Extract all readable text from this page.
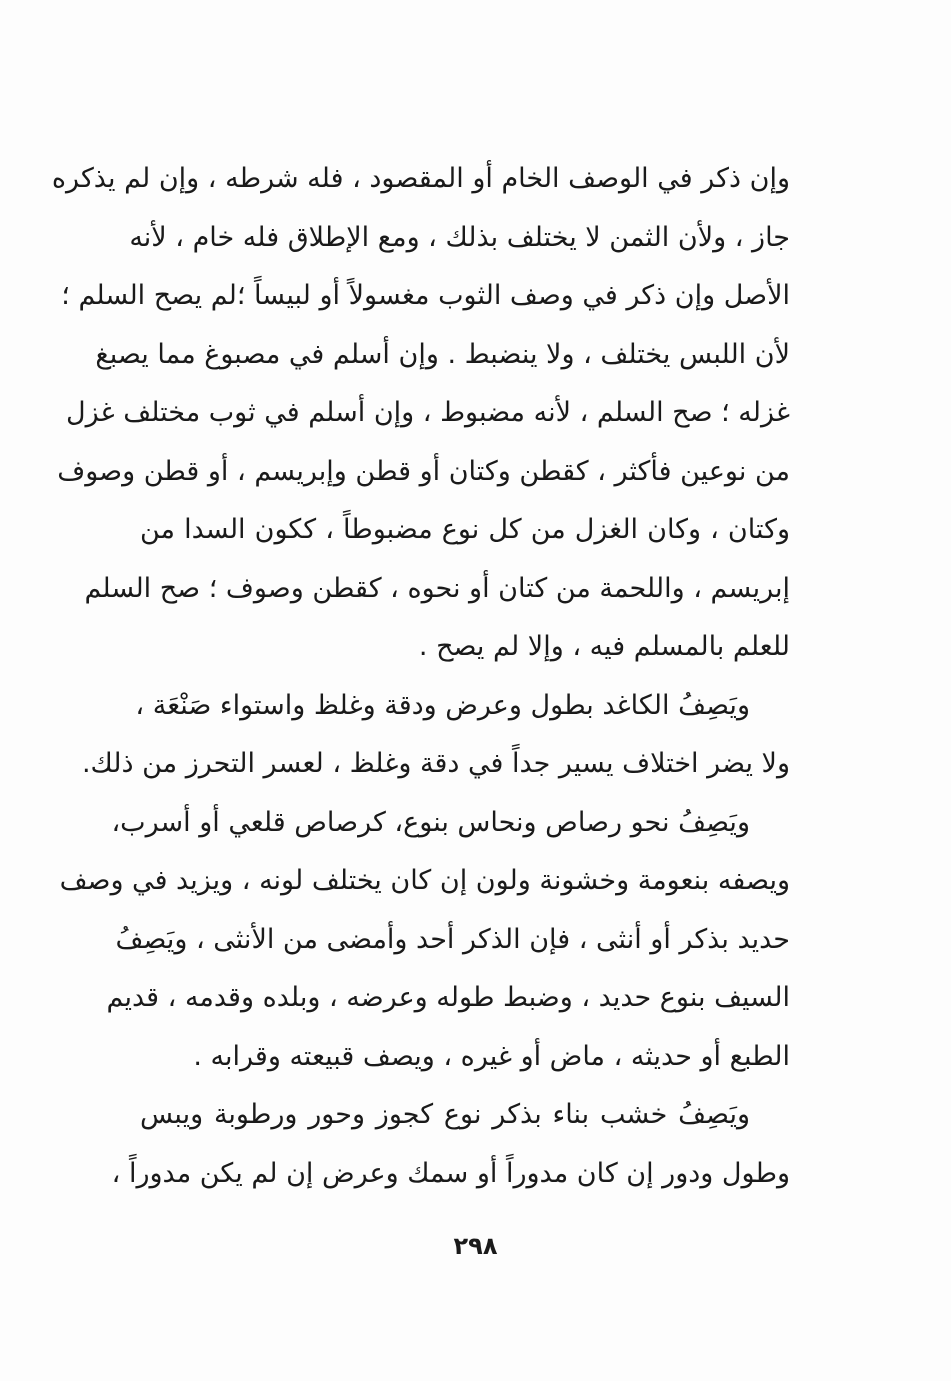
وإن ذكر في الوصف الخام أو المقصود ، فله شرطه ، وإن لم يذكره
جاز ، ولأن الثمن لا يختلف بذلك ، ومع الإطلاق فله خام ، لأنه
الأصل وإن ذكر في وصف الثوب مغسولاً أو لبيساً ؛لم يصح السلم ؛
لأن اللبس يختلف ، ولا ينضبط . وإن أسلم في مصبوغ مما يصبغ
غزله ؛ صح السلم ، لأنه مضبوط ، وإن أسلم في ثوب مختلف غزل
من نوعين فأكثر ، كقطن وكتان أو قطن وإبريسم ، أو قطن وصوف
وكتان ، وكان الغزل من كل نوع مضبوطاً ، ككون السدا من
إبريسم ، واللحمة من كتان أو نحوه ، كقطن وصوف ؛ صح السلم
للعلم بالمسلم فيه ، وإلا لم يصح .
ويَصِفُ الكاغد بطول وعرض ودقة وغلظ واستواء صَنْعَة ،
ولا يضر اختلاف يسير جداً في دقة وغلظ ، لعسر التحرز من ذلك.
ويَصِفُ نحو رصاص ونحاس بنوع، كرصاص قلعي أو أسرب،
ويصفه بنعومة وخشونة ولون إن كان يختلف لونه ، ويزيد في وصف
حديد بذكر أو أنثى ، فإن الذكر أحد وأمضى من الأنثى ، ويَصِفُ
السيف بنوع حديد ، وضبط طوله وعرضه ، وبلده وقدمه ، قديم
الطبع أو حديثه ، ماض أو غيره ، ويصف قبيعته وقرابه .
ويَصِفُ خشب بناء بذكر نوع كجوز وحور ورطوبة ويبس
وطول ودور إن كان مدوراً أو سمك وعرض إن لم يكن مدوراً ،
٢٩٨
